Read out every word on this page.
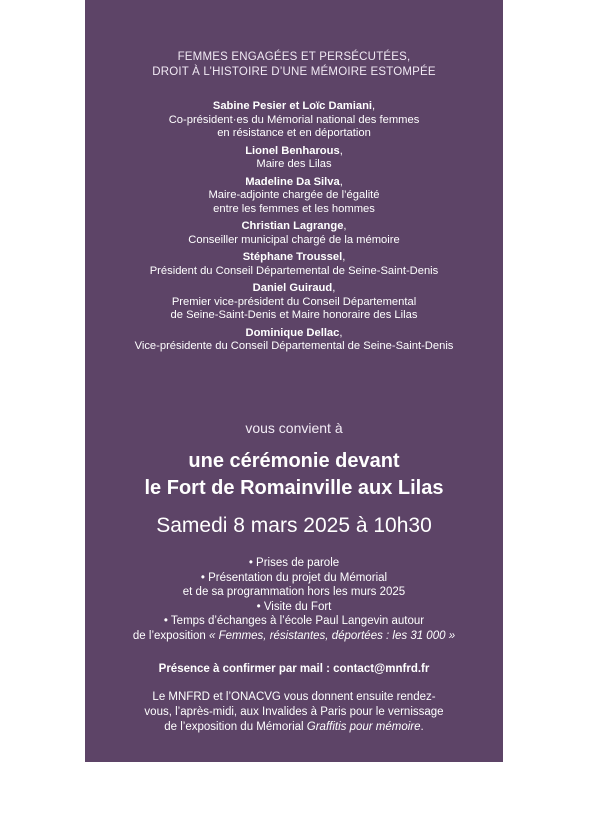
FEMMES ENGAGÉES ET PERSÉCUTÉES,
DROIT À L’HISTOIRE D’UNE MÉMOIRE ESTOMPÉE
Sabine Pesier et Loïc Damiani,
Co-président·es du Mémorial national des femmes
en résistance et en déportation
Lionel Benharous,
Maire des Lilas
Madeline Da Silva,
Maire-adjointe chargée de l’égalité
entre les femmes et les hommes
Christian Lagrange,
Conseiller municipal chargé de la mémoire
Stéphane Troussel,
Président du Conseil Départemental de Seine-Saint-Denis
Daniel Guiraud,
Premier vice-président du Conseil Départemental
de Seine-Saint-Denis et Maire honoraire des Lilas
Dominique Dellac,
Vice-présidente du Conseil Départemental de Seine-Saint-Denis
vous convient à
une cérémonie devant
le Fort de Romainville aux Lilas
Samedi 8 mars 2025 à 10h30
• Prises de parole
• Présentation du projet du Mémorial
et de sa programmation hors les murs 2025
• Visite du Fort
• Temps d’échanges à l’école Paul Langevin autour
de l’exposition « Femmes, résistantes, déportées : les 31 000 »
Présence à confirmer par mail : contact@mnfrd.fr
Le MNFRD et l’ONACVG vous donnent ensuite rendez-
vous, l’après-midi, aux Invalides à Paris pour le vernissage
de l’exposition du Mémorial Graffitis pour mémoire.
